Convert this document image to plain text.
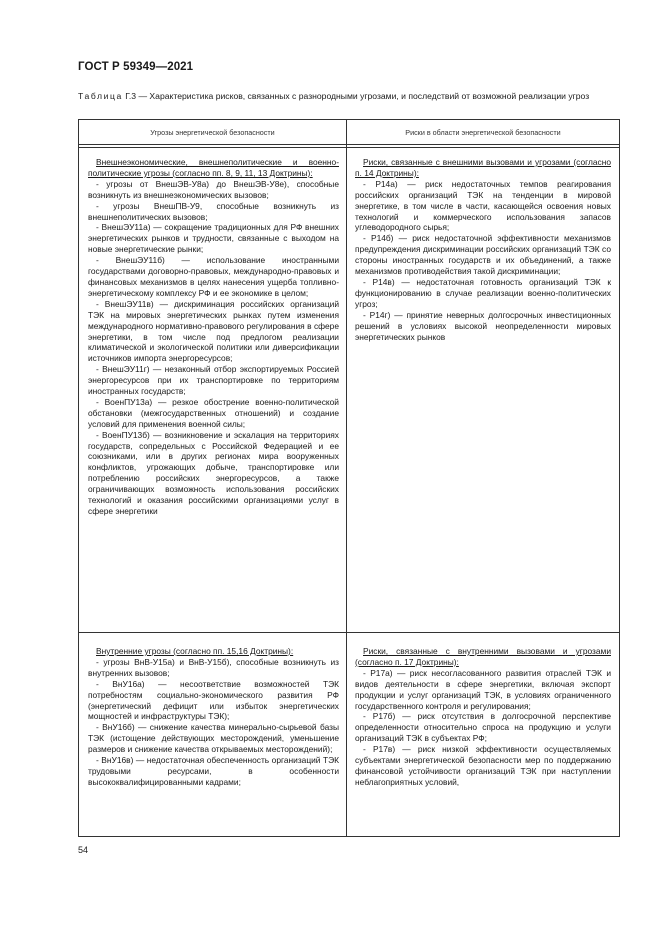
ГОСТ Р 59349—2021
Таблица Г.3 — Характеристика рисков, связанных с разнородными угрозами, и последствий от возможной реализации угроз
Угрозы энергетической безопасности	Риски в области энергетической безопасности

Внешнеэкономические, внешнеполитические и военно-политические угрозы (согласно пп. 8, 9, 11, 13 Доктрины):

- угрозы от ВнешЭВ-У8а) до ВнешЭВ-У8е), способные возникнуть из внешнеэкономических вызовов;

- угрозы ВнешПВ-У9, способные возникнуть из внешнеполитических вызовов;

- ВнешЭУ11а) — сокращение традиционных для РФ внешних энергетических рынков и трудности, связанные с выходом на новые энергетические рынки;

- ВнешЭУ11б) — использование иностранными государствами договорно-правовых, международно-правовых и финансовых механизмов в целях нанесения ущерба топливно-энергетическому комплексу РФ и ее экономике в целом;

- ВнешЭУ11в) — дискриминация российских организаций ТЭК на мировых энергетических рынках путем изменения международного нормативно-правового регулирования в сфере энергетики, в том числе под предлогом реализации климатической и экологической политики или диверсификации источников импорта энергоресурсов;

- ВнешЭУ11г) — незаконный отбор экспортируемых Россией энергоресурсов при их транспортировке по территориям иностранных государств;

- ВоенПУ13а) — резкое обострение военно-политической обстановки (межгосударственных отношений) и создание условий для применения военной силы;

- ВоенПУ13б) — возникновение и эскалация на территориях государств, сопредельных с Российской Федерацией и ее союзниками, или в других регионах мира вооруженных конфликтов, угрожающих добыче, транспортировке или потреблению российских энергоресурсов, а также ограничивающих возможность использования российских технологий и оказания российскими организациями услуг в сфере энергетики

Риски, связанные с внешними вызовами и угрозами (согласно п. 14 Доктрины):

- Р14а) — риск недостаточных темпов реагирования российских организаций ТЭК на тенденции в мировой энергетике, в том числе в части, касающейся освоения новых технологий и коммерческого использования запасов углеводородного сырья;

- Р14б) — риск недостаточной эффективности механизмов предупреждения дискриминации российских организаций ТЭК со стороны иностранных государств и их объединений, а также механизмов противодействия такой дискриминации;

- Р14в) — недостаточная готовность организаций ТЭК к функционированию в случае реализации военно-политических угроз;

- Р14г) — принятие неверных долгосрочных инвестиционных решений в условиях высокой неопределенности мировых энергетических рынков

Внутренние угрозы (согласно пп. 15,16 Доктрины):

- угрозы ВнВ-У15а) и ВнВ-У15б), способные возникнуть из внутренних вызовов;

- ВнУ16а) — несоответствие возможностей ТЭК потребностям социально-экономического развития РФ (энергетический дефицит или избыток энергетических мощностей и инфраструктуры ТЭК);

- ВнУ16б) — снижение качества минерально-сырьевой базы ТЭК (истощение действующих месторождений, уменьшение размеров и снижение качества открываемых месторождений);

- ВнУ16в) — недостаточная обеспеченность организаций ТЭК трудовыми ресурсами, в особенности высококвалифицированными кадрами;

Риски, связанные с внутренними вызовами и угрозами (согласно п. 17 Доктрины):

- Р17а) — риск несогласованного развития отраслей ТЭК и видов деятельности в сфере энергетики, включая экспорт продукции и услуг организаций ТЭК, в условиях ограниченного государственного контроля и регулирования;

- Р17б) — риск отсутствия в долгосрочной перспективе определенности относительно спроса на продукцию и услуги организаций ТЭК в субъектах РФ;

- Р17в) — риск низкой эффективности осуществляемых субъектами энергетической безопасности мер по поддержанию финансовой устойчивости организаций ТЭК при наступлении неблагоприятных условий,

54
